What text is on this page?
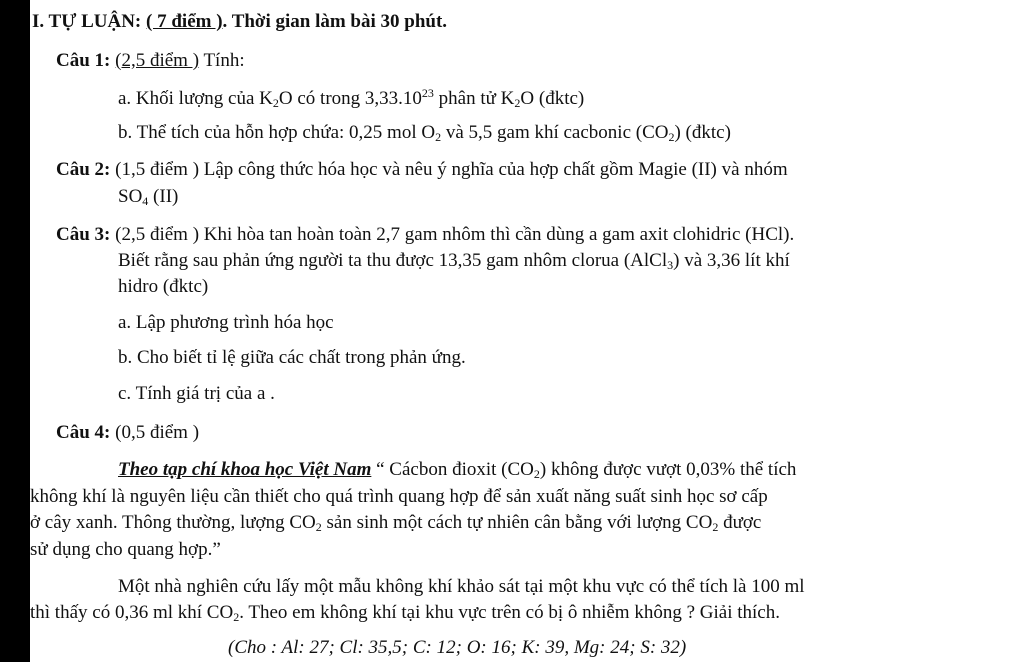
I. TỰ LUẬN: ( 7 điểm ). Thời gian làm bài 30 phút.
Câu 1: (2,5 điểm ) Tính:
a. Khối lượng của $K_2O$ có trong 3,33.10$^{23}$ phân tử $K_2O$ (đktc)
b. Thể tích của hỗn hợp chứa: 0,25 mol $O_2$ và 5,5 gam khí cacbonic $(CO_2)$ (đktc)
Câu 2: (1,5 điểm ) Lập công thức hóa học và nêu ý nghĩa của hợp chất gồm Magie (II) và nhóm
$SO_4$ (II)
Câu 3: (2,5 điểm ) Khi hòa tan hoàn toàn 2,7 gam nhôm thì cần dùng a gam axit clohidric (HCl).
Biết rằng sau phản ứng người ta thu được 13,35 gam nhôm clorua (AlCl$_3$) và 3,36 lít khí
hidro (đktc)
a. Lập phương trình hóa học
b. Cho biết tỉ lệ giữa các chất trong phản ứng.
c. Tính giá trị của a .
Câu 4: (0,5 điểm )
Theo tạp chí khoa học Việt Nam “ Cácbon đioxit $(CO_2)$ không được vượt 0,03% thể tích
không khí là nguyên liệu cần thiết cho quá trình quang hợp để sản xuất năng suất sinh học sơ cấp
ở cây xanh. Thông thường, lượng $CO_2$ sản sinh một cách tự nhiên cân bằng với lượng $CO_2$ được
sử dụng cho quang hợp.”
Một nhà nghiên cứu lấy một mẫu không khí khảo sát tại một khu vực có thể tích là 100 ml
thì thấy có 0,36 ml khí $CO_2$. Theo em không khí tại khu vực trên có bị ô nhiễm không ? Giải thích.
(Cho : Al: 27; Cl: 35,5; C: 12; O: 16; K: 39, Mg: 24; S: 32)
